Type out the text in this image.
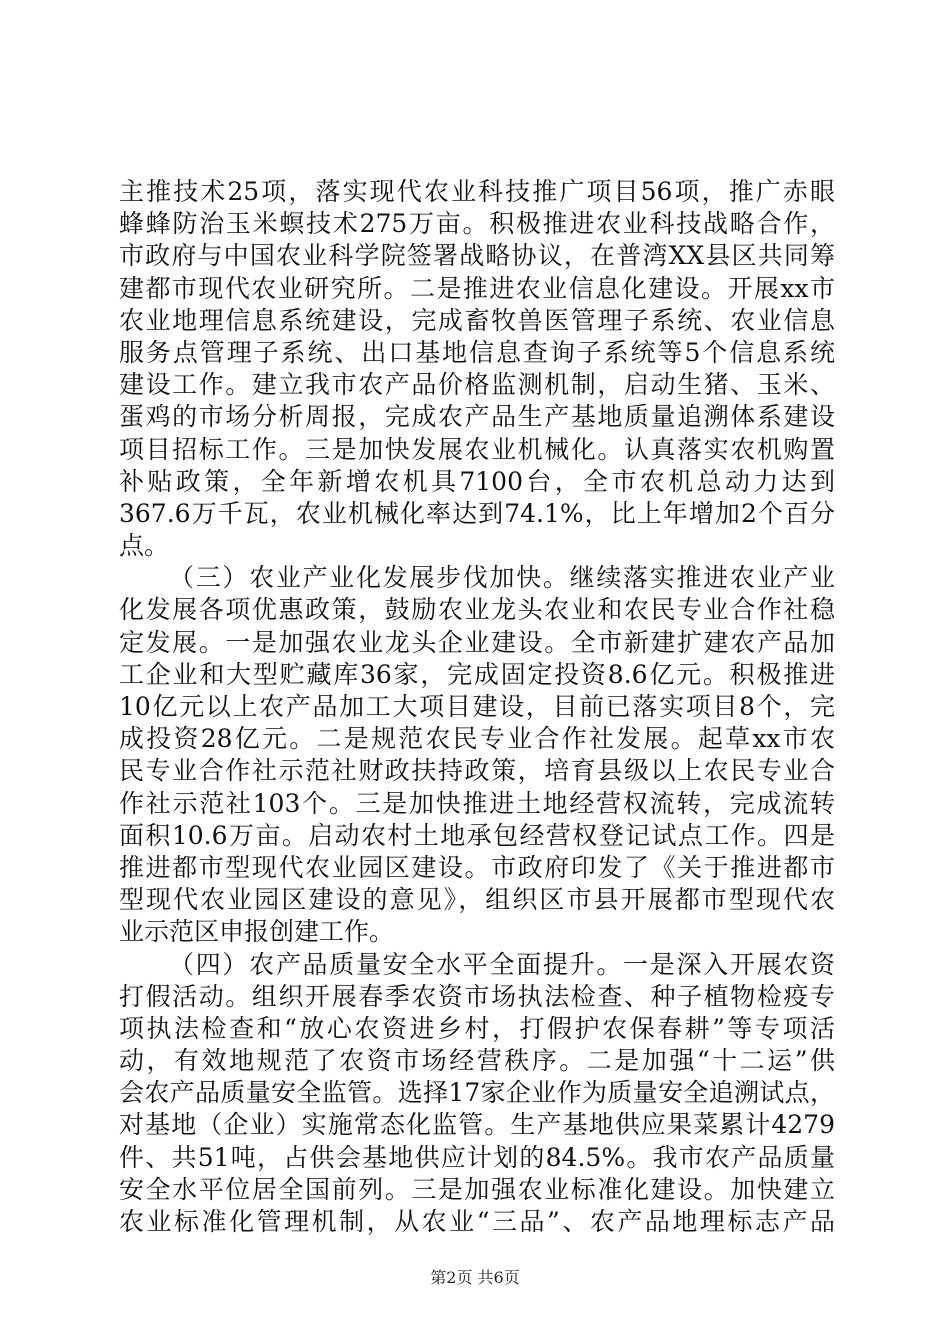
主推技术25项，落实现代农业科技推广项目56项，推广赤眼
蜂蜂防治玉米螟技术275万亩。积极推进农业科技战略合作，
市政府与中国农业科学院签署战略协议，在普湾XX县区共同筹
建都市现代农业研究所。二是推进农业信息化建设。开展xx市
农业地理信息系统建设，完成畜牧兽医管理子系统、农业信息
服务点管理子系统、出口基地信息查询子系统等5个信息系统
建设工作。建立我市农产品价格监测机制，启动生猪、玉米、
蛋鸡的市场分析周报，完成农产品生产基地质量追溯体系建设
项目招标工作。三是加快发展农业机械化。认真落实农机购置
补贴政策，全年新增农机具7100台，全市农机总动力达到
367.6万千瓦，农业机械化率达到74.1%，比上年增加2个百分
点。
（三）农业产业化发展步伐加快。继续落实推进农业产业
化发展各项优惠政策，鼓励农业龙头农业和农民专业合作社稳
定发展。一是加强农业龙头企业建设。全市新建扩建农产品加
工企业和大型贮藏库36家，完成固定投资8.6亿元。积极推进
10亿元以上农产品加工大项目建设，目前已落实项目8个，完
成投资28亿元。二是规范农民专业合作社发展。起草xx市农
民专业合作社示范社财政扶持政策，培育县级以上农民专业合
作社示范社103个。三是加快推进土地经营权流转，完成流转
面积10.6万亩。启动农村土地承包经营权登记试点工作。四是
推进都市型现代农业园区建设。市政府印发了《关于推进都市
型现代农业园区建设的意见》，组织区市县开展都市型现代农
业示范区申报创建工作。
（四）农产品质量安全水平全面提升。一是深入开展农资
打假活动。组织开展春季农资市场执法检查、种子植物检疫专
项执法检查和“放心农资进乡村，打假护农保春耕”等专项活
动，有效地规范了农资市场经营秩序。二是加强“十二运”供
会农产品质量安全监管。选择17家企业作为质量安全追溯试点，
对基地（企业）实施常态化监管。生产基地供应果菜累计4279
件、共51吨，占供会基地供应计划的84.5%。我市农产品质量
安全水平位居全国前列。三是加强农业标准化建设。加快建立
农业标准化管理机制，从农业“三品”、农产品地理标志产品
第2页 共6页
